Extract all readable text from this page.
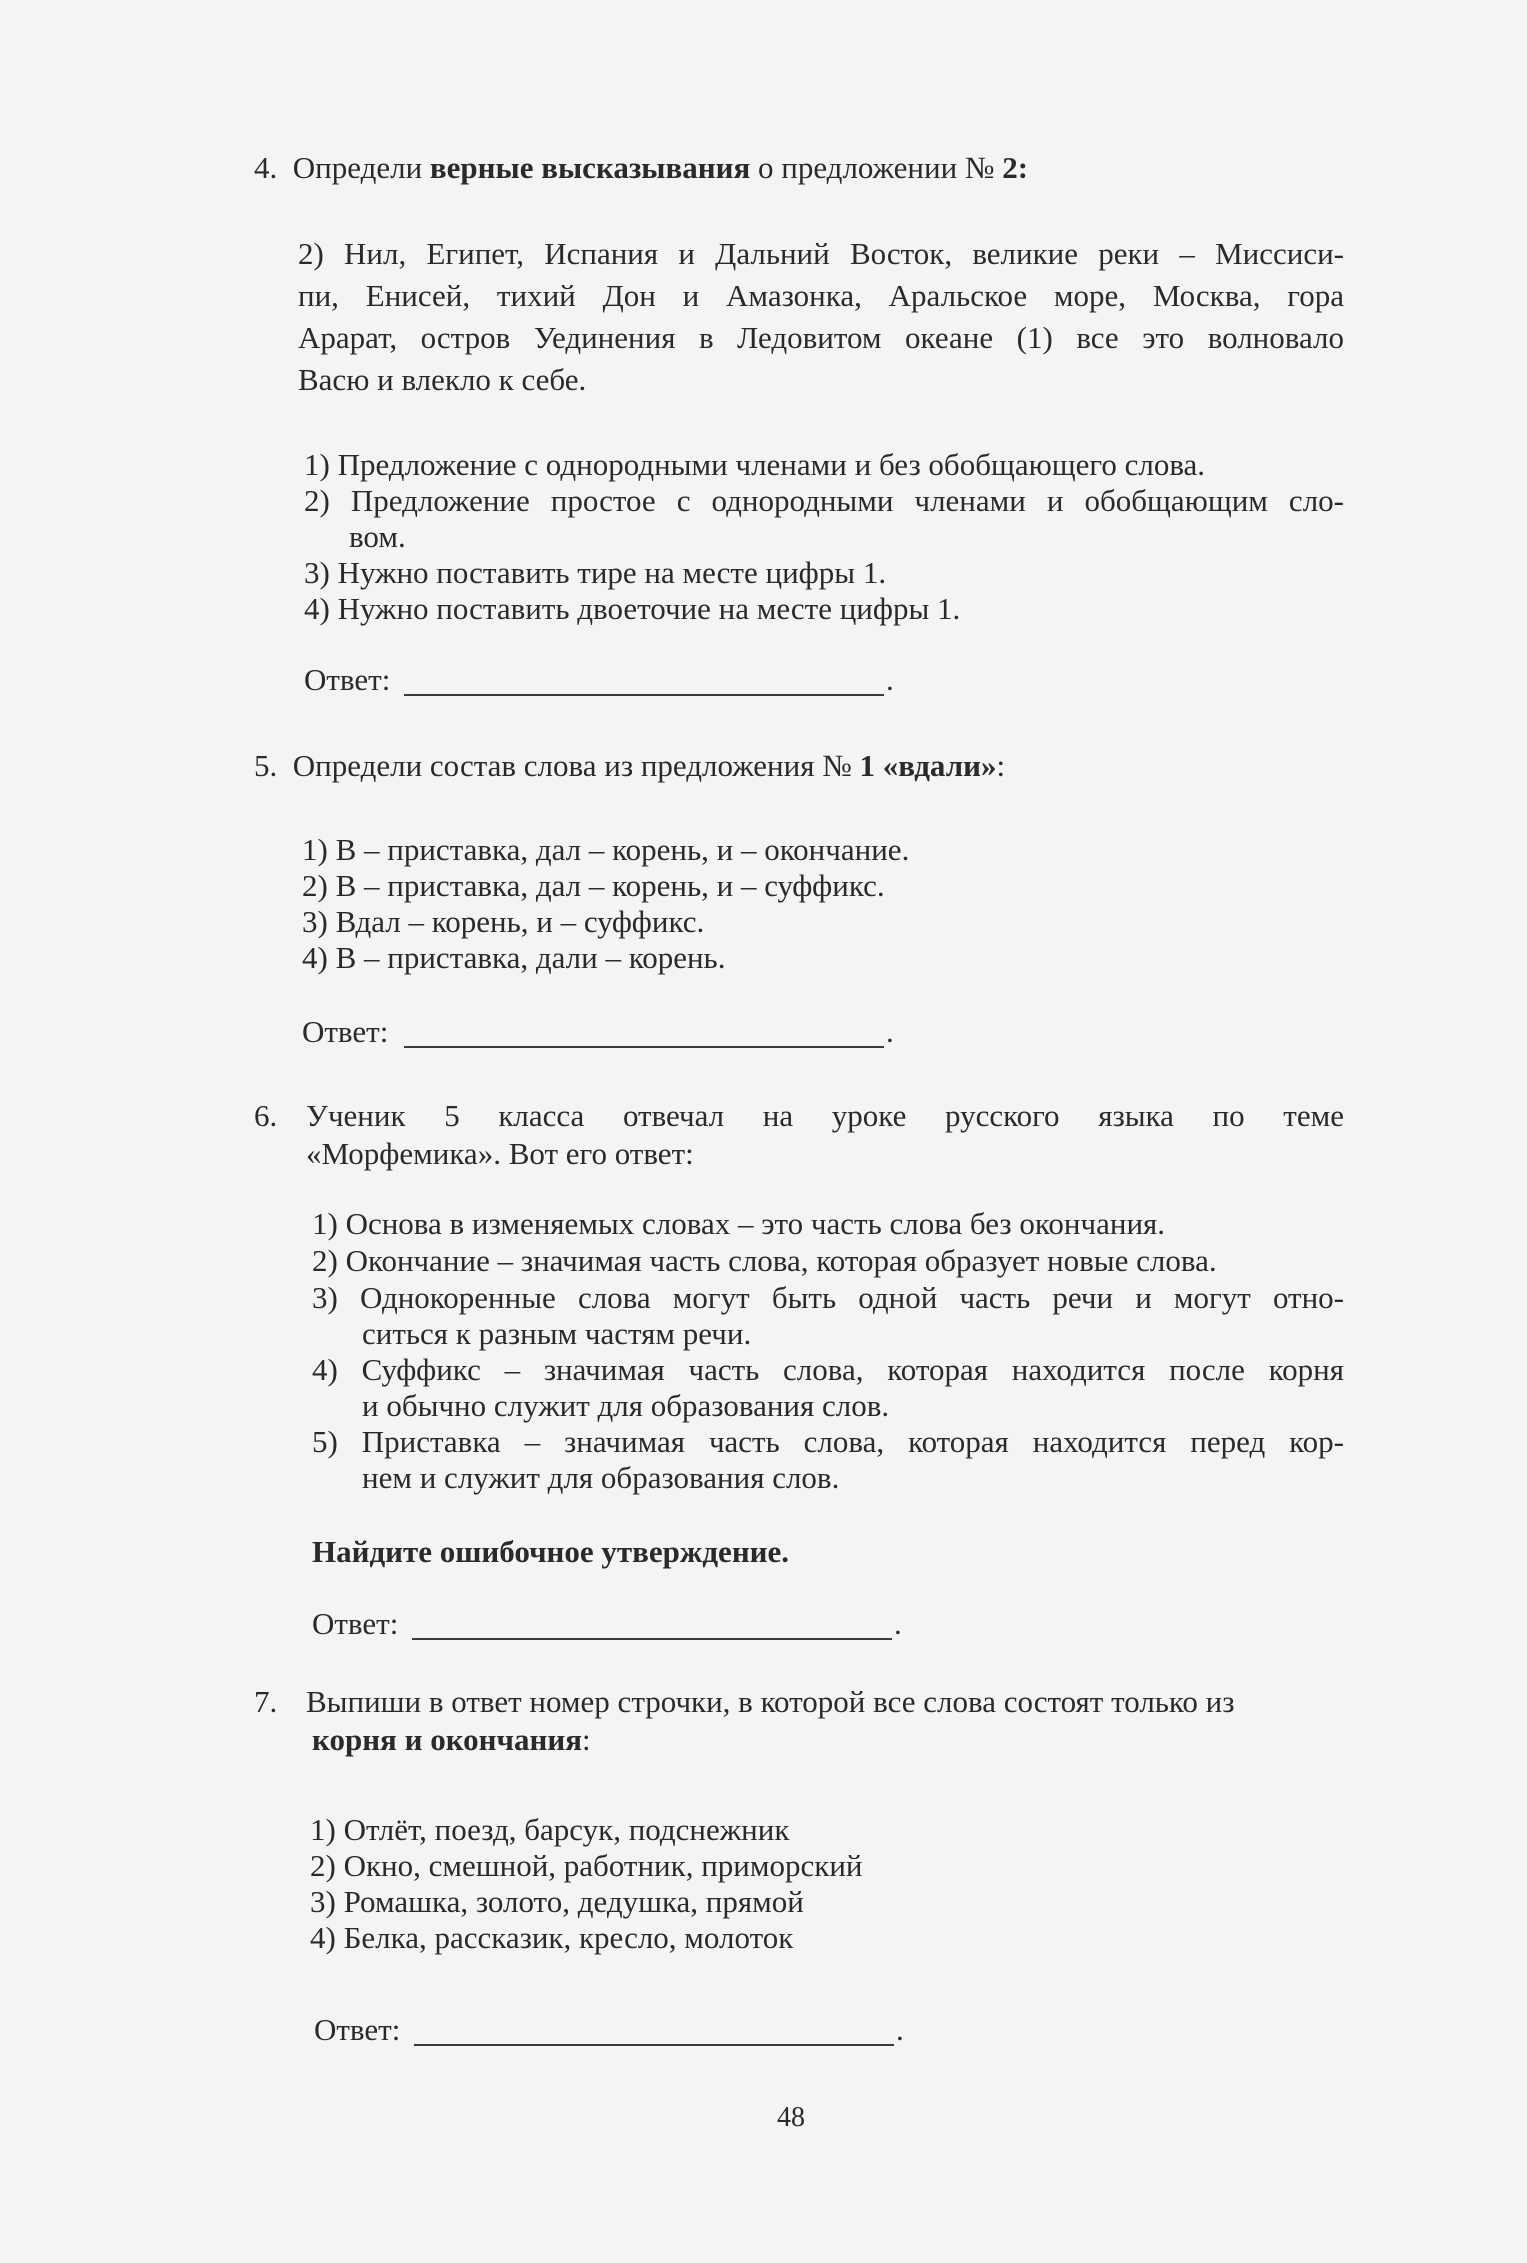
4. Определи верные высказывания о предложении № 2:
2) Нил, Египет, Испания и Дальний Восток, великие реки – Миссиси-
пи, Енисей, тихий Дон и Амазонка, Аральское море, Москва, гора
Арарат, остров Уединения в Ледовитом океане (1) все это волновало
Васю и влекло к себе.
1) Предложение с однородными членами и без обобщающего слова.
2) Предложение простое с однородными членами и обобщающим сло-
вом.
3) Нужно поставить тире на месте цифры 1.
4) Нужно поставить двоеточие на месте цифры 1.
Ответ:	.
5. Определи состав слова из предложения № 1 «вдали»:
1) В – приставка, дал – корень, и – окончание.
2) В – приставка, дал – корень, и – суффикс.
3) Вдал – корень, и – суффикс.
4) В – приставка, дали – корень.
Ответ:	.
6. Ученик 5 класса отвечал на уроке русского языка по теме
«Морфемика». Вот его ответ:
1) Основа в изменяемых словах – это часть слова без окончания.
2) Окончание – значимая часть слова, которая образует новые слова.
3) Однокоренные слова могут быть одной часть речи и могут отно-
ситься к разным частям речи.
4) Суффикс – значимая часть слова, которая находится после корня
и обычно служит для образования слов.
5) Приставка – значимая часть слова, которая находится перед кор-
нем и служит для образования слов.
Найдите ошибочное утверждение.
Ответ:	.
7. Выпиши в ответ номер строчки, в которой все слова состоят только из
корня и окончания:
1) Отлёт, поезд, барсук, подснежник
2) Окно, смешной, работник, приморский
3) Ромашка, золото, дедушка, прямой
4) Белка, рассказик, кресло, молоток
Ответ:	.
48
